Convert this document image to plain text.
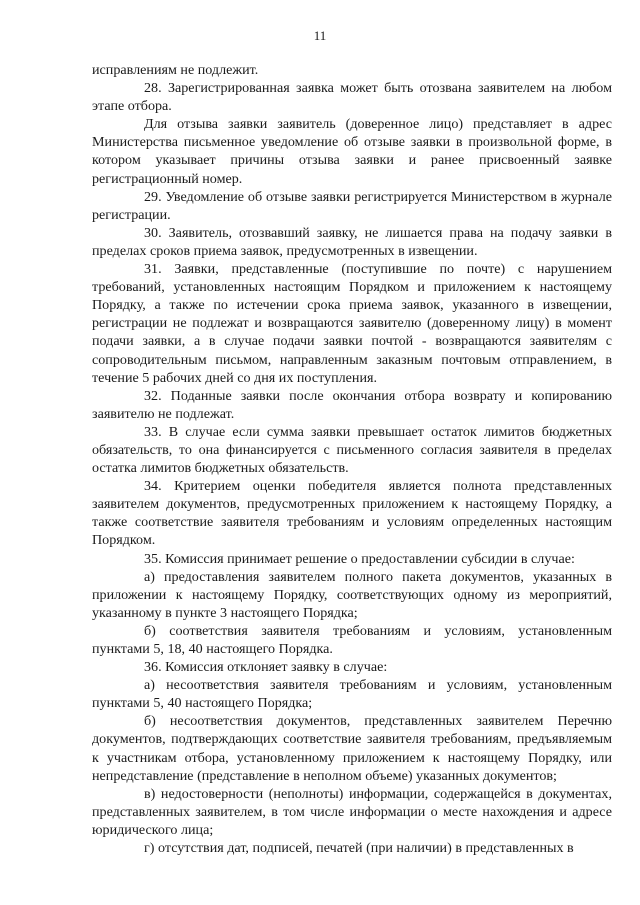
11

исправлениям не подлежит.

28. Зарегистрированная заявка может быть отозвана заявителем на любом этапе отбора.

Для отзыва заявки заявитель (доверенное лицо) представляет в адрес Министерства письменное уведомление об отзыве заявки в произвольной форме, в котором указывает причины отзыва заявки и ранее присвоенный заявке регистрационный номер.

29. Уведомление об отзыве заявки регистрируется Министерством в журнале регистрации.

30. Заявитель, отозвавший заявку, не лишается права на подачу заявки в пределах сроков приема заявок, предусмотренных в извещении.

31. Заявки, представленные (поступившие по почте) с нарушением требований, установленных настоящим Порядком и приложением к настоящему Порядку, а также по истечении срока приема заявок, указанного в извещении, регистрации не подлежат и возвращаются заявителю (доверенному лицу) в момент подачи заявки, а в случае подачи заявки почтой - возвращаются заявителям с сопроводительным письмом, направленным заказным почтовым отправлением, в течение 5 рабочих дней со дня их поступления.

32. Поданные заявки после окончания отбора возврату и копированию заявителю не подлежат.

33. В случае если сумма заявки превышает остаток лимитов бюджетных обязательств, то она финансируется с письменного согласия заявителя в пределах остатка лимитов бюджетных обязательств.

34. Критерием оценки победителя является полнота представленных заявителем документов, предусмотренных приложением к настоящему Порядку, а также соответствие заявителя требованиям и условиям определенных настоящим Порядком.

35. Комиссия принимает решение о предоставлении субсидии в случае:

а) предоставления заявителем полного пакета документов, указанных в приложении к настоящему Порядку, соответствующих одному из мероприятий, указанному в пункте 3 настоящего Порядка;

б) соответствия заявителя требованиям и условиям, установленным пунктами 5, 18, 40 настоящего Порядка.

36. Комиссия отклоняет заявку в случае:

а) несоответствия заявителя требованиям и условиям, установленным пунктами 5, 40 настоящего Порядка;

б) несоответствия документов, представленных заявителем Перечню документов, подтверждающих соответствие заявителя требованиям, предъявляемым к участникам отбора, установленному приложением к настоящему Порядку, или непредставление (представление в неполном объеме) указанных документов;

в) недостоверности (неполноты) информации, содержащейся в документах, представленных заявителем, в том числе информации о месте нахождения и адресе юридического лица;

г) отсутствия дат, подписей, печатей (при наличии) в представленных в
